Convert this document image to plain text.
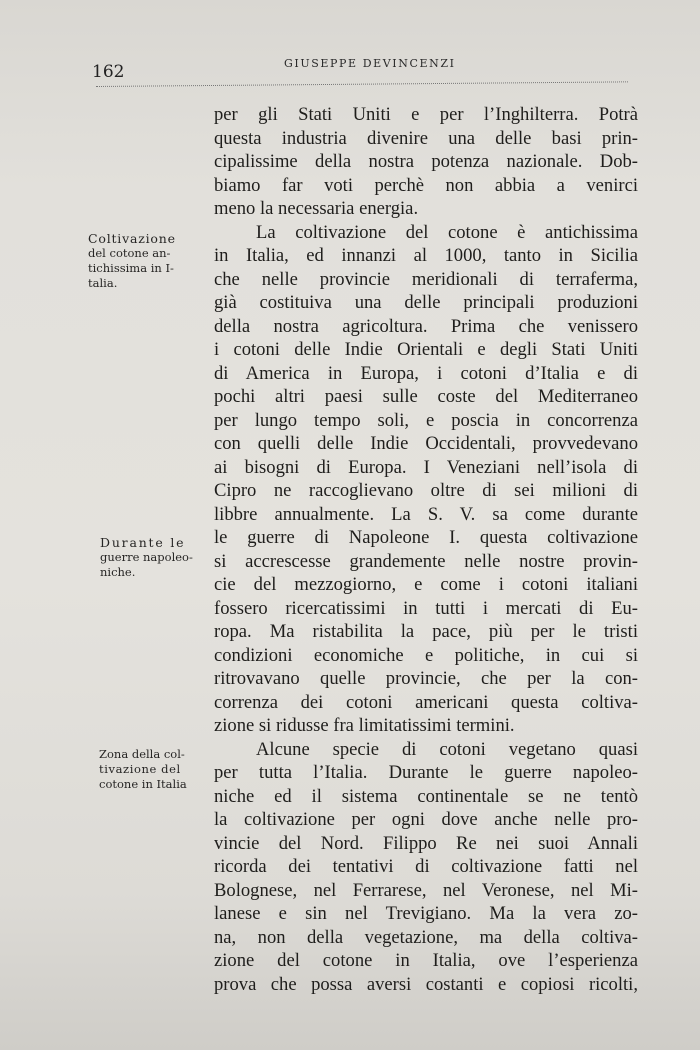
162	GIUSEPPE DEVINCENZI
Coltivazione
del cotone an-
tichissima in I-
talia.
Durante le
guerre napoleo-
niche.
Zona della col-
tivazione del
cotone in Italia
per gli Stati Uniti e per l’Inghilterra. Potrà
questa industria divenire una delle basi prin-
cipalissime della nostra potenza nazionale. Dob-
biamo far voti perchè non abbia a venirci
meno la necessaria energia.
La coltivazione del cotone è antichissima
in Italia, ed innanzi al 1000, tanto in Sicilia
che nelle provincie meridionali di terraferma,
già costituiva una delle principali produzioni
della nostra agricoltura. Prima che venissero
i cotoni delle Indie Orientali e degli Stati Uniti
di America in Europa, i cotoni d’Italia e di
pochi altri paesi sulle coste del Mediterraneo
per lungo tempo soli, e poscia in concorrenza
con quelli delle Indie Occidentali, provvedevano
ai bisogni di Europa. I Veneziani nell’isola di
Cipro ne raccoglievano oltre di sei milioni di
libbre annualmente. La S. V. sa come durante
le guerre di Napoleone I. questa coltivazione
si accrescesse grandemente nelle nostre provin-
cie del mezzogiorno, e come i cotoni italiani
fossero ricercatissimi in tutti i mercati di Eu-
ropa. Ma ristabilita la pace, più per le tristi
condizioni economiche e politiche, in cui si
ritrovavano quelle provincie, che per la con-
correnza dei cotoni americani questa coltiva-
zione si ridusse fra limitatissimi termini.
Alcune specie di cotoni vegetano quasi
per tutta l’Italia. Durante le guerre napoleo-
niche ed il sistema continentale se ne tentò
la coltivazione per ogni dove anche nelle pro-
vincie del Nord. Filippo Re nei suoi Annali
ricorda dei tentativi di coltivazione fatti nel
Bolognese, nel Ferrarese, nel Veronese, nel Mi-
lanese e sin nel Trevigiano. Ma la vera zo-
na, non della vegetazione, ma della coltiva-
zione del cotone in Italia, ove l’esperienza
prova che possa aversi costanti e copiosi ricolti,
